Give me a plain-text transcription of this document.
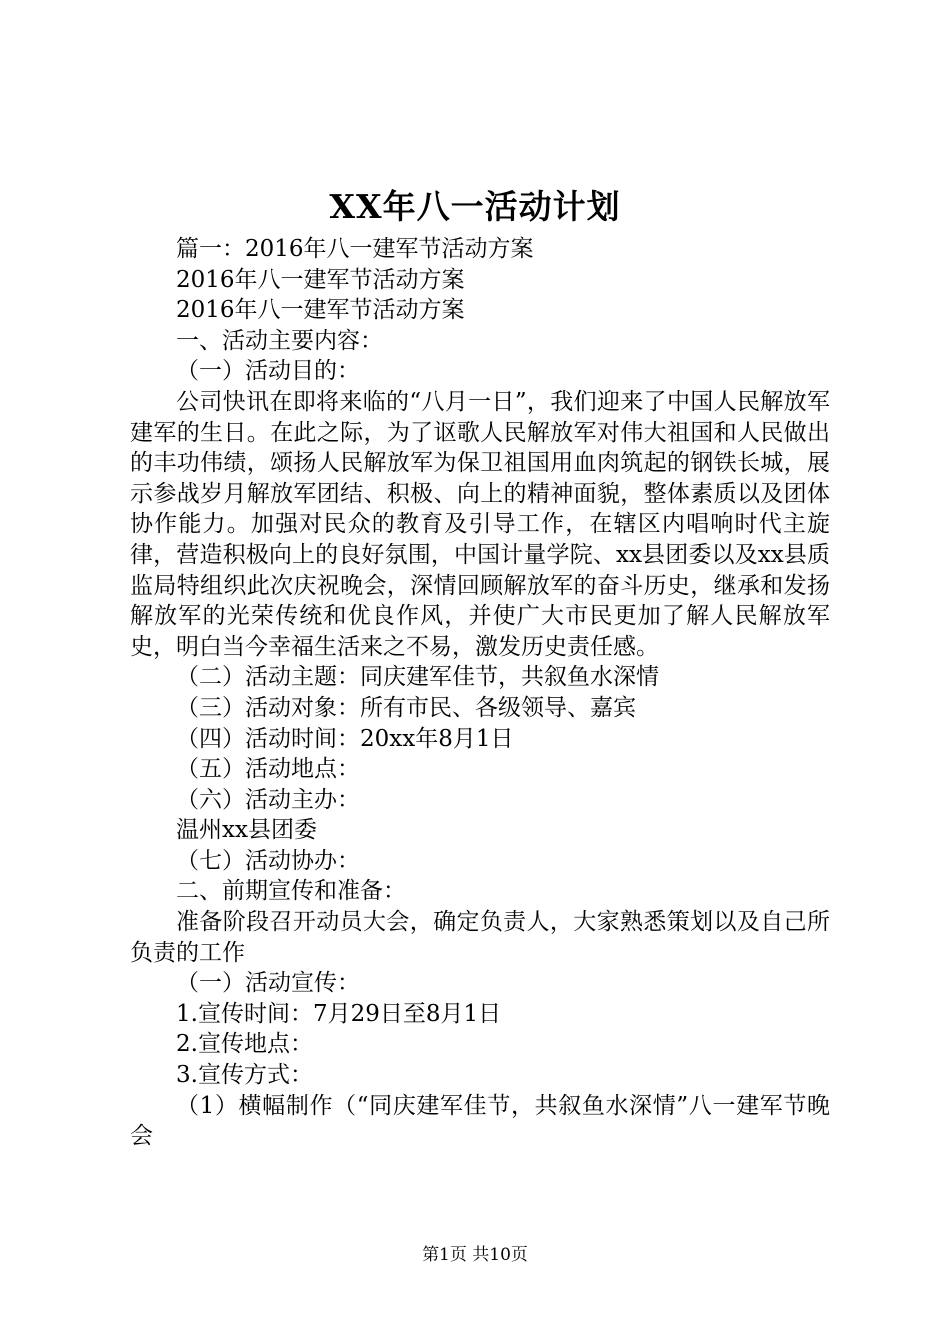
XX年八一活动计划
篇一：2016年八一建军节活动方案
2016年八一建军节活动方案
2016年八一建军节活动方案
一、活动主要内容：
（一）活动目的：
公司快讯在即将来临的“八月一日”，我们迎来了中国人民解放军建军的生日。在此之际，为了讴歌人民解放军对伟大祖国和人民做出的丰功伟绩，颂扬人民解放军为保卫祖国用血肉筑起的钢铁长城，展示参战岁月解放军团结、积极、向上的精神面貌，整体素质以及团体协作能力。加强对民众的教育及引导工作，在辖区内唱响时代主旋律，营造积极向上的良好氛围，中国计量学院、xx县团委以及xx县质监局特组织此次庆祝晚会，深情回顾解放军的奋斗历史，继承和发扬解放军的光荣传统和优良作风，并使广大市民更加了解人民解放军史，明白当今幸福生活来之不易，激发历史责任感。
（二）活动主题：同庆建军佳节，共叙鱼水深情
（三）活动对象：所有市民、各级领导、嘉宾
（四）活动时间：20xx年8月1日
（五）活动地点：
（六）活动主办：
温州xx县团委
（七）活动协办：
二、前期宣传和准备：
准备阶段召开动员大会，确定负责人，大家熟悉策划以及自己所负责的工作
（一）活动宣传：
1.宣传时间：7月29日至8月1日
2.宣传地点：
3.宣传方式：
（1）横幅制作（“同庆建军佳节，共叙鱼水深情”八一建军节晚会
第1页 共10页
